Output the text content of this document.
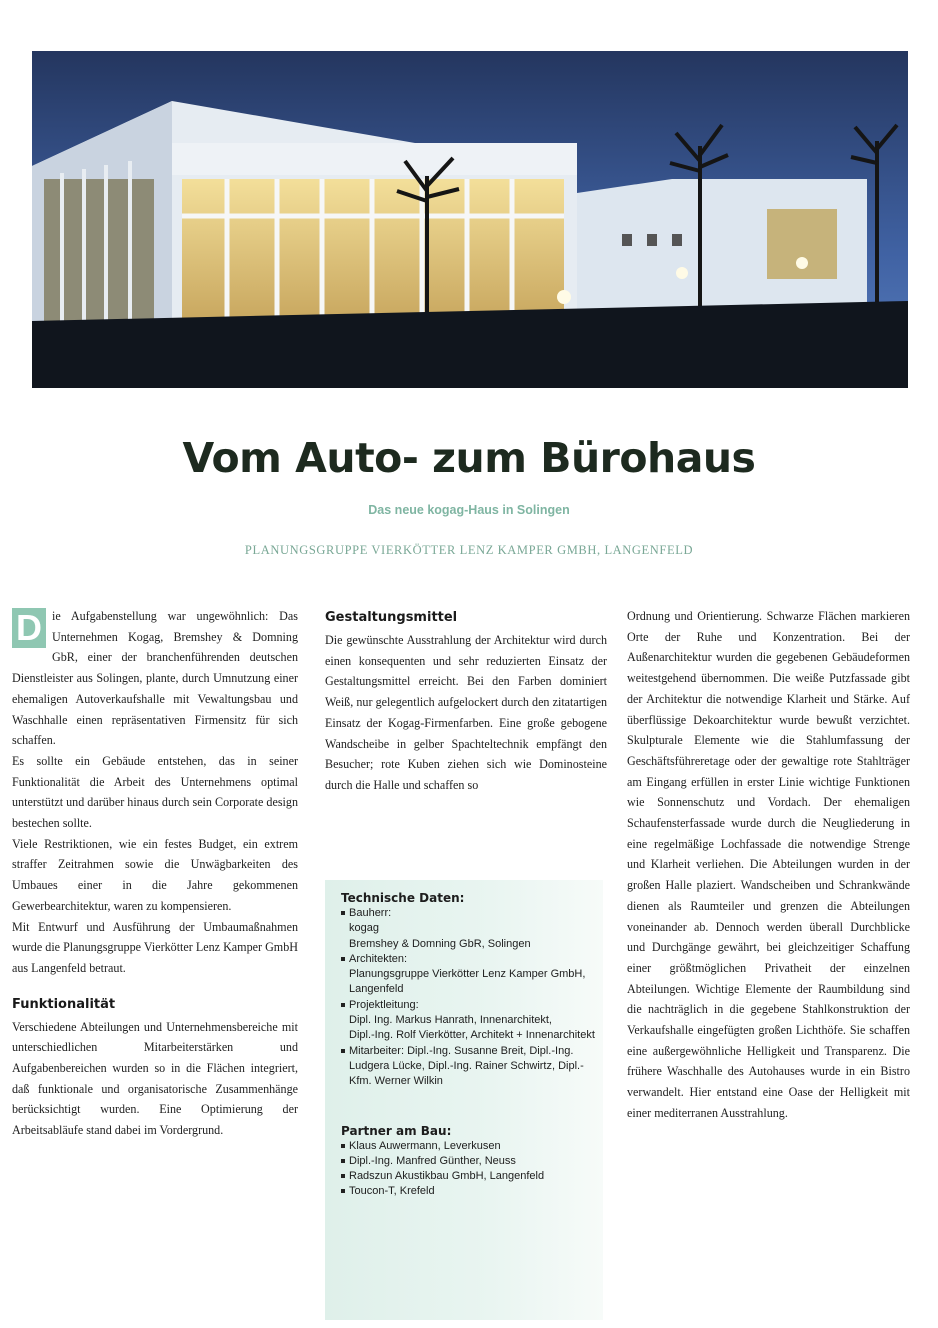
Vom Auto- zum Bürohaus

Das neue kogag-Haus in Solingen

PLANUNGSGRUPPE VIERKÖTTER LENZ KAMPER GMBH, LANGENFELD

D ie Aufgabenstellung war ungewöhnlich: Das Unternehmen Kogag, Bremshey & Domning GbR, einer der branchenführenden deutschen Dienstleister aus Solingen, plante, durch Umnutzung einer ehemaligen Autoverkaufshalle mit Vewaltungsbau und Waschhalle einen repräsentativen Firmensitz für sich schaffen.

Es sollte ein Gebäude entstehen, das in seiner Funktionalität die Arbeit des Unternehmens optimal unterstützt und darüber hinaus durch sein Corporate design bestechen sollte.

Viele Restriktionen, wie ein festes Budget, ein extrem straffer Zeitrahmen sowie die Unwägbarkeiten des Umbaues einer in die Jahre gekommenen Gewerbearchitektur, waren zu kompensieren.

Mit Entwurf und Ausführung der Umbaumaßnahmen wurde die Planungsgruppe Vierkötter Lenz Kamper GmbH aus Langenfeld betraut.

Funktionalität

Verschiedene Abteilungen und Unternehmensbereiche mit unterschiedlichen Mitarbeiterstärken und Aufgabenbereichen wurden so in die Flächen integriert, daß funktionale und organisatorische Zusammenhänge berücksichtigt wurden. Eine Optimierung der Arbeitsabläufe stand dabei im Vordergrund.

Gestaltungsmittel

Die gewünschte Ausstrahlung der Architektur wird durch einen konsequenten und sehr reduzierten Einsatz der Gestaltungsmittel erreicht. Bei den Farben dominiert Weiß, nur gelegentlich aufgelockert durch den zitatartigen Einsatz der Kogag-Firmenfarben. Eine große gebogene Wandscheibe in gelber Spachteltechnik empfängt den Besucher; rote Kuben ziehen sich wie Dominosteine durch die Halle und schaffen so

Technische Daten:
Bauherr:
kogag
Bremshey & Domning GbR, Solingen
Architekten:
Planungsgruppe Vierkötter Lenz Kamper GmbH, Langenfeld
Projektleitung:
Dipl. Ing. Markus Hanrath, Innenarchitekt,
Dipl.-Ing. Rolf Vierkötter, Architekt + Innenarchitekt
Mitarbeiter: Dipl.-Ing. Susanne Breit, Dipl.-Ing. Ludgera Lücke, Dipl.-Ing. Rainer Schwirtz, Dipl.-Kfm. Werner Wilkin
Partner am Bau:
Klaus Auwermann, Leverkusen
Dipl.-Ing. Manfred Günther, Neuss
Radszun Akustikbau GmbH, Langenfeld
Toucon-T, Krefeld

Ordnung und Orientierung. Schwarze Flächen markieren Orte der Ruhe und Konzentration. Bei der Außenarchitektur wurden die gegebenen Gebäudeformen weitestgehend übernommen. Die weiße Putzfassade gibt der Architektur die notwendige Klarheit und Stärke. Auf überflüssige Dekoarchitektur wurde bewußt verzichtet. Skulpturale Elemente wie die Stahlumfassung der Geschäftsführeretage oder der gewaltige rote Stahlträger am Eingang erfüllen in erster Linie wichtige Funktionen wie Sonnenschutz und Vordach. Der ehemaligen Schaufensterfassade wurde durch die Neugliederung in eine regelmäßige Lochfassade die notwendige Strenge und Klarheit verliehen. Die Abteilungen wurden in der großen Halle plaziert. Wandscheiben und Schrankwände dienen als Raumteiler und grenzen die Abteilungen voneinander ab. Dennoch werden überall Durchblicke und Durchgänge gewährt, bei gleichzeitiger Schaffung einer größtmöglichen Privatheit der einzelnen Abteilungen. Wichtige Elemente der Raumbildung sind die nachträglich in die gegebene Stahlkonstruktion der Verkaufshalle eingefügten großen Lichthöfe. Sie schaffen eine außergewöhnliche Helligkeit und Transparenz. Die frühere Waschhalle des Autohauses wurde in ein Bistro verwandelt. Hier entstand eine Oase der Helligkeit mit einer mediterranen Ausstrahlung.
